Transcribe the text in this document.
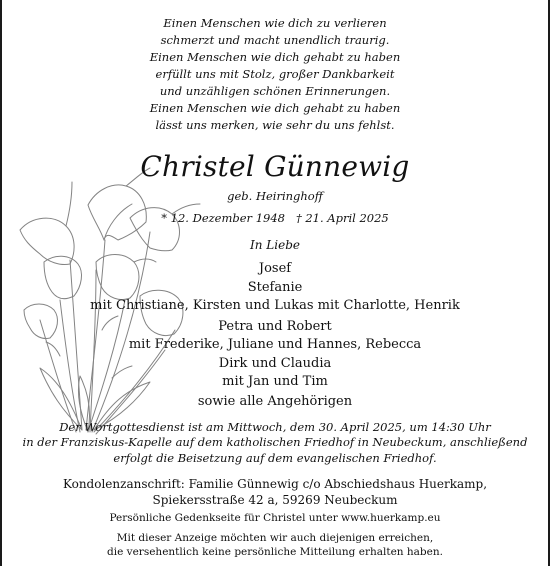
Einen Menschen wie dich zu verlieren
schmerzt und macht unendlich traurig.
Einen Menschen wie dich gehabt zu haben
erfüllt uns mit Stolz, großer Dankbarkeit
und unzähligen schönen Erinnerungen.
Einen Menschen wie dich gehabt zu haben
lässt uns merken, wie sehr du uns fehlst.
Christel Günnewig
geb. Heiringhoff
* 12. Dezember 1948   † 21. April 2025
In Liebe
Josef
Stefanie
mit Christiane, Kirsten und Lukas mit Charlotte, Henrik
Petra und Robert
mit Frederike, Juliane und Hannes, Rebecca
Dirk und Claudia
mit Jan und Tim
sowie alle Angehörigen
Der Wortgottesdienst ist am Mittwoch, dem 30. April 2025, um 14:30 Uhr
in der Franziskus-Kapelle auf dem katholischen Friedhof in Neubeckum, anschließend
erfolgt die Beisetzung auf dem evangelischen Friedhof.
Kondolenzanschrift: Familie Günnewig c/o Abschiedshaus Huerkamp,
Spiekersstraße 42 a, 59269 Neubeckum
Persönliche Gedenkseite für Christel unter www.huerkamp.eu
Mit dieser Anzeige möchten wir auch diejenigen erreichen,
die versehentlich keine persönliche Mitteilung erhalten haben.
